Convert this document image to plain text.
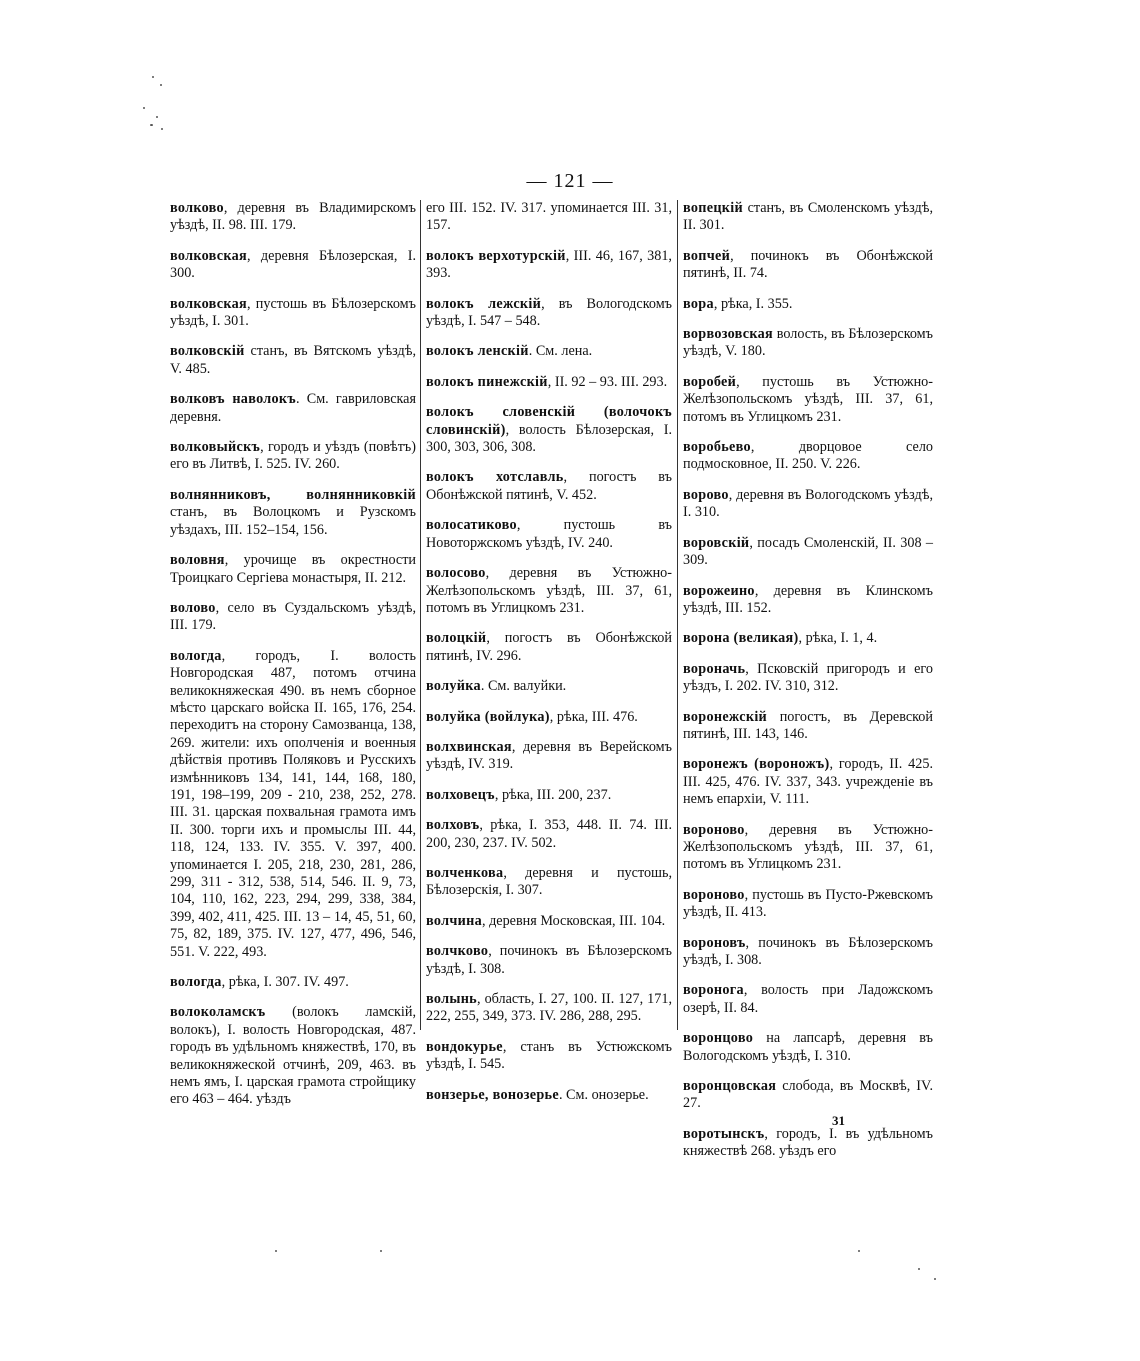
— 121 —

волково, деревня въ Владимирскомъ уѣздѣ, II. 98. III. 179.

волковская, деревня Бѣлозерская, I. 300.

волковская, пустошь въ Бѣлозерскомъ уѣздѣ, I. 301.

волковскій станъ, въ Вятскомъ уѣздѣ, V. 485.

волковъ наволокъ. См. гавриловская деревня.

волковыйскъ, городъ и уѣздъ (повѣтъ) его въ Литвѣ, I. 525. IV. 260.

волнянниковъ, волнянниковкій станъ, въ Волоцкомъ и Рузскомъ уѣздахъ, III. 152–154, 156.

воловня, урочище въ окрестности Троицкаго Сергіева монастыря, II. 212.

волово, село въ Суздальскомъ уѣздѣ, III. 179.

вологда, городъ, I. волость Новгородская 487, потомъ отчина великокняжеская 490. въ немъ сборное мѣсто царскаго войска II. 165, 176, 254. переходитъ на сторону Самозванца, 138, 269. жители: ихъ ополченія и военныя дѣйствія противъ Поляковъ и Русскихъ измѣнниковъ 134, 141, 144, 168, 180, 191, 198–199, 209 - 210, 238, 252, 278. III. 31. царская похвальная грамота имъ II. 300. торги ихъ и промыслы III. 44, 118, 124, 133. IV. 355. V. 397, 400. упоминается I. 205, 218, 230, 281, 286, 299, 311 - 312, 538, 514, 546. II. 9, 73, 104, 110, 162, 223, 294, 299, 338, 384, 399, 402, 411, 425. III. 13 – 14, 45, 51, 60, 75, 82, 189, 375. IV. 127, 477, 496, 546, 551. V. 222, 493.

вологда, рѣка, I. 307. IV. 497.

волоколамскъ (волокъ ламскій, волокъ), I. волость Новгородская, 487. городъ въ удѣльномъ княжествѣ, 170, въ великокняжеской отчинѣ, 209, 463. въ немъ ямъ, I. царская грамота стройщику его 463 – 464. уѣздъ

его III. 152. IV. 317. упоминается III. 31, 157.

волокъ верхотурскій, III. 46, 167, 381, 393.

волокъ лежскій, въ Вологодскомъ уѣздѣ, I. 547 – 548.

волокъ ленскій. См. лена.

волокъ пинежскій, II. 92 – 93. III. 293.

волокъ словенскій (волочокъ словинскій), волость Бѣлозерская, I. 300, 303, 306, 308.

волокъ хотславль, погостъ въ Обонѣжской пятинѣ, V. 452.

волосатиково, пустошь въ Новоторжскомъ уѣздѣ, IV. 240.

волосово, деревня въ Устюжно-Желѣзопольскомъ уѣздѣ, III. 37, 61, потомъ въ Углицкомъ 231.

волоцкій, погостъ въ Обонѣжской пятинѣ, IV. 296.

волуйка. См. валуйки.

волуйка (войлука), рѣка, III. 476.

волхвинская, деревня въ Верейскомъ уѣздѣ, IV. 319.

волховецъ, рѣка, III. 200, 237.

волховъ, рѣка, I. 353, 448. II. 74. III. 200, 230, 237. IV. 502.

волченкова, деревня и пустошь, Бѣлозерскія, I. 307.

волчина, деревня Московская, III. 104.

волчково, починокъ въ Бѣлозерскомъ уѣздѣ, I. 308.

волынь, область, I. 27, 100. II. 127, 171, 222, 255, 349, 373. IV. 286, 288, 295.

вондокурье, станъ въ Устюжскомъ уѣздѣ, I. 545.

вонзерье, вонозерье. См. онозерье.

вопецкій станъ, въ Смоленскомъ уѣздѣ, II. 301.

вопчей, починокъ въ Обонѣжской пятинѣ, II. 74.

вора, рѣка, I. 355.

ворвозовская волость, въ Бѣлозерскомъ уѣздѣ, V. 180.

воробей, пустошь въ Устюжно-Желѣзопольскомъ уѣздѣ, III. 37, 61, потомъ въ Углицкомъ 231.

воробьево, дворцовое село подмосковное, II. 250. V. 226.

ворово, деревня въ Вологодскомъ уѣздѣ, I. 310.

воровскій, посадъ Смоленскій, II. 308 – 309.

ворожеино, деревня въ Клинскомъ уѣздѣ, III. 152.

ворона (великая), рѣка, I. 1, 4.

вороначь, Псковскій пригородъ и его уѣздъ, I. 202. IV. 310, 312.

воронежскій погостъ, въ Деревской пятинѣ, III. 143, 146.

воронежъ (вороножъ), городъ, II. 425. III. 425, 476. IV. 337, 343. учрежденіе въ немъ епархіи, V. 111.

вороново, деревня въ Устюжно-Желѣзопольскомъ уѣздѣ, III. 37, 61, потомъ въ Углицкомъ 231.

вороново, пустошь въ Пусто-Ржевскомъ уѣздѣ, II. 413.

вороновъ, починокъ въ Бѣлозерскомъ уѣздѣ, I. 308.

воронога, волость при Ладожскомъ озерѣ, II. 84.

воронцово на лапсарѣ, деревня въ Вологодскомъ уѣздѣ, I. 310.

воронцовская слобода, въ Москвѣ, IV. 27.

воротынскъ, городъ, I. въ удѣльномъ княжествѣ 268. уѣздъ его

31
